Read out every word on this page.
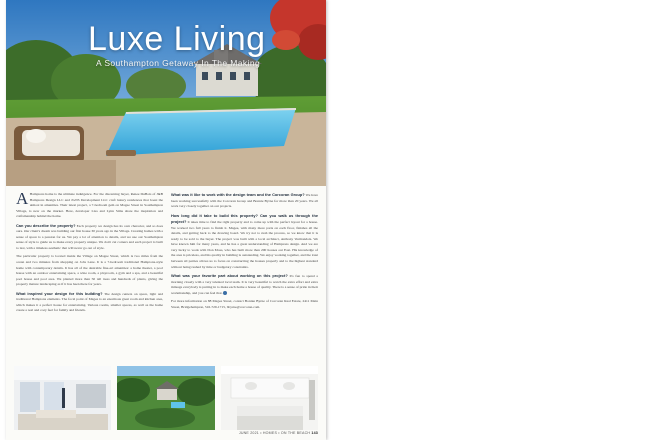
Luxe Living
A Southampton Getaway In The Making

A Hamptons home is the ultimate indulgence. For the discerning buyer, Renee DuBois of J&B Hamptons Design LLC and JGNS Development LLC craft luxury residences that boast the utmost in amenities. Their latest project, a 7-bedroom gem on Magee Street in Southampton Village, is new on the market. Here, developer Lisa and Lynn Sims share the inspiration and craftsmanship behind the home.

Can you describe the property? Each property we design has its own character, and so does ours. Our client's dream was building our first house 30 years ago in the Village. Creating homes with a sense of space is a passion for us. We pay a lot of attention to details, and we use our Southampton sense of style to guide us to make every property unique. We don't cut corners and each project is built to last, with a timeless aesthetic that will never go out of style.

The particular property is located inside the Village on Magee Street, which is two miles from the ocean and two minutes from shopping on Jobs Lane. It is a 7-bedroom traditional Hamptons-style home with contemporary details. It has all of the desirable fine-art amenities: a home theater, a pool house with an outdoor entertaining space, a wine room, a playroom, a gym and a spa, and a beautiful pool house and pool area. We planted more than 50 tall trees and hundreds of plants, giving the property mature landscaping as if it has been there for years.

What inspired your design for this building? The design centers on space, light and traditional Hamptons elements. The focal point of Magee is an enormous great room and kitchen area, which makes it a perfect house for entertaining. Various rooms, smaller spaces, as well as the home create a real and cozy feel for family and friends.

What was it like to work with the design team and the Corcoran Group? We have been working successfully with the Corcoran Group and Bonnie Byrne for more than 20 years. We all work very closely together on our projects.

How long did it take to build this property? Can you walk us through the project? It takes time to find the right property and to come up with the perfect layout for a house. We worked two full years to finish it. Magee, with many more parts on each floor, finishes all the details, and getting back to the drawing board. We try not to rush the process, so we know that it is ready to be sold to the buyer. The project was built with a local architect, Anthony Vermandois. We have known him for many years, and he has a great understanding of Hamptons design. And we are very lucky to work with Don Moss, who has built more than 200 houses out East. His knowledge of the area is priceless, and his quality in building is outstanding. We enjoy working together, and the trust between all parties allows us to focus on constructing the houses properly and to the highest standard without being rushed by time or budgetary constraints.

What was your favorite part about working on this project? It's fun to spend a morning closely with a very talented local team. It is very beautiful to watch the extra effort and extra mileage everybody is putting in to make each home a house of quality. There is a sense of pride in their workmanship, and you can feel that.

For more information on 88 Magee Street, contact Bonnie Byrne of Corcoran Real Estate, 2411 Main Street, Bridgehampton, 516-729-1715, bbyrne@corcoran.com.

JUNE 2021 • HOMES • ON THE BEACH 143
